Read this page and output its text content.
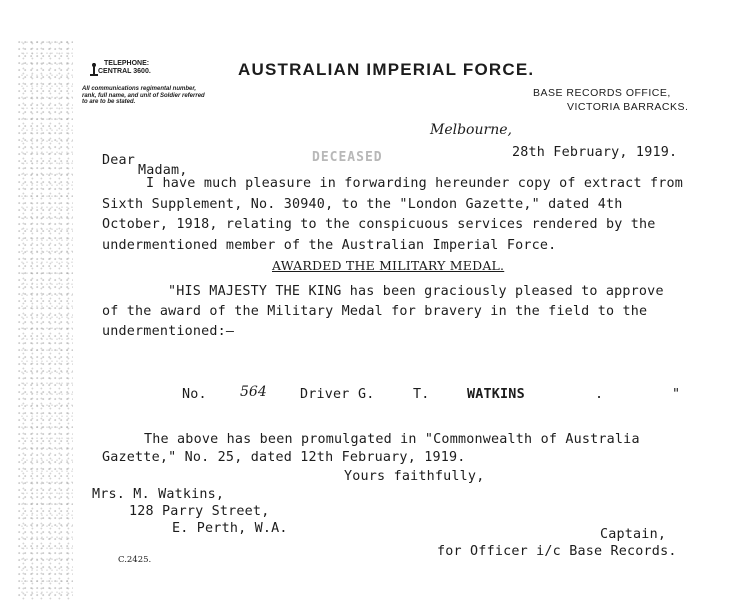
TELEPHONE:
CENTRAL 3600.
All communications regimental number,
rank, full name, and unit of Soldier referred
to are to be stated.
AUSTRALIAN IMPERIAL FORCE.
BASE RECORDS OFFICE,
VICTORIA BARRACKS.
Melbourne,
DECEASED	28th February, 1919.
Dear
Madam,
I have much pleasure in forwarding hereunder copy of extract from
Sixth Supplement, No. 30940, to the "London Gazette," dated 4th
October, 1918, relating to the conspicuous services rendered by the
undermentioned member of the Australian Imperial Force.
AWARDED THE MILITARY MEDAL.
"HIS MAJESTY THE KING has been graciously pleased to approve
of the award of the Military Medal for bravery in the field to the
undermentioned:—
No. 564 Driver G.	T.	WATKINS	.	"
The above has been promulgated in "Commonwealth of Australia
Gazette," No. 25, dated 12th February, 1919.
Yours faithfully,
Mrs. M. Watkins,
128 Parry Street,
E. Perth, W.A.	Captain,
for Officer i/c Base Records.
C.2425.
